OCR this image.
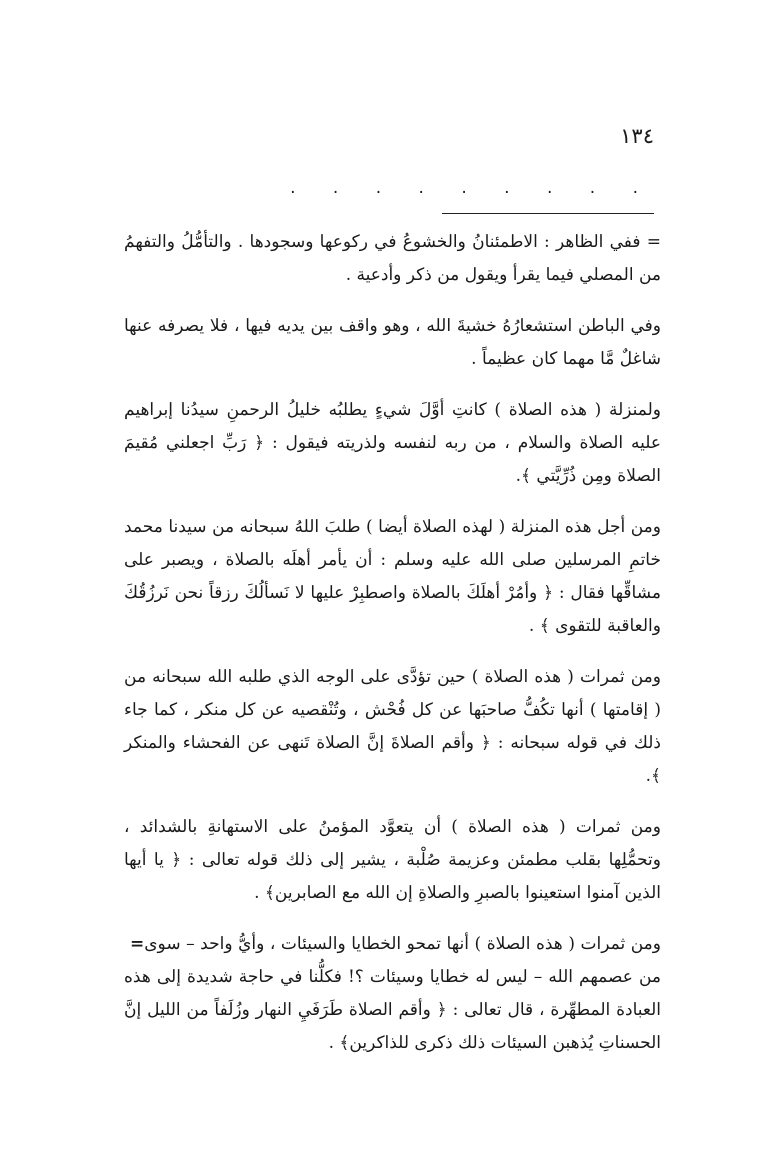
١٣٤
. . . . . . . . .

= ففي الظاهر : الاطمئنانُ والخشوعُ في ركوعها وسجودها . والتأمُّلُ والتفهمُ من المصلي فيما يقرأ ويقول من ذكر وأدعية .

وفي الباطن استشعارُهُ خشيةَ الله ، وهو واقف بين يديه فيها ، فلا يصرفه عنها شاغلٌ مَّا مهما كان عظيماً .

ولمنزلة ( هذه الصلاة ) كانتِ أوَّلَ شيءٍ يطلبُه خليلُ الرحمنِ سيدُنا إبراهيم عليه الصلاة والسلام ، من ربه لنفسه ولذريته فيقول : ﴿ رَبِّ اجعلني مُقيمَ الصلاة ومِن ذُرِّيَّتي ﴾.

ومن أجل هذه المنزلة ( لهذه الصلاة أيضا ) طلبَ اللهُ سبحانه من سيدنا محمد خاتمِ المرسلين صلى الله عليه وسلم : أن يأمر أهلَه بالصلاة ، ويصبر على مشاقِّها فقال : ﴿ وأمُرْ أهلَكَ بالصلاة واصطبِرْ عليها لا نَسألُكَ رزقاً نحن نَرزُقُكَ والعاقبة للتقوى ﴾ .

ومن ثمرات ( هذه الصلاة ) حين تؤدَّى على الوجه الذي طلبه الله سبحانه من ( إقامتها ) أنها تكُفُّ صاحبَها عن كل فُحْش ، وتُنْقصيه عن كل منكر ، كما جاء ذلك في قوله سبحانه : ﴿ وأقم الصلاةَ إنَّ الصلاة تَنهى عن الفحشاء والمنكر ﴾.

ومن ثمرات ( هذه الصلاة ) أن يتعوَّد المؤمنُ على الاستهانةِ بالشدائد ، وتحمُّلِها بقلب مطمئن وعزيمة صُلْبة ، يشير إلى ذلك قوله تعالى : ﴿ يا أيها الذين آمنوا استعينوا بالصبرِ والصلاةِ إن الله مع الصابرين﴾ .

= ومن ثمرات ( هذه الصلاة ) أنها تمحو الخطايا والسيئات ، وأيُّ واحد – سوى من عصمهم الله – ليس له خطايا وسيئات ؟! فكلُّنا في حاجة شديدة إلى هذه العبادة المطهِّرة ، قال تعالى : ﴿ وأقم الصلاة طَرَفَيِ النهار وزُلَفاً من الليل إنَّ الحسناتِ يُذهبن السيئات ذلك ذكرى للذاكرين﴾ .
